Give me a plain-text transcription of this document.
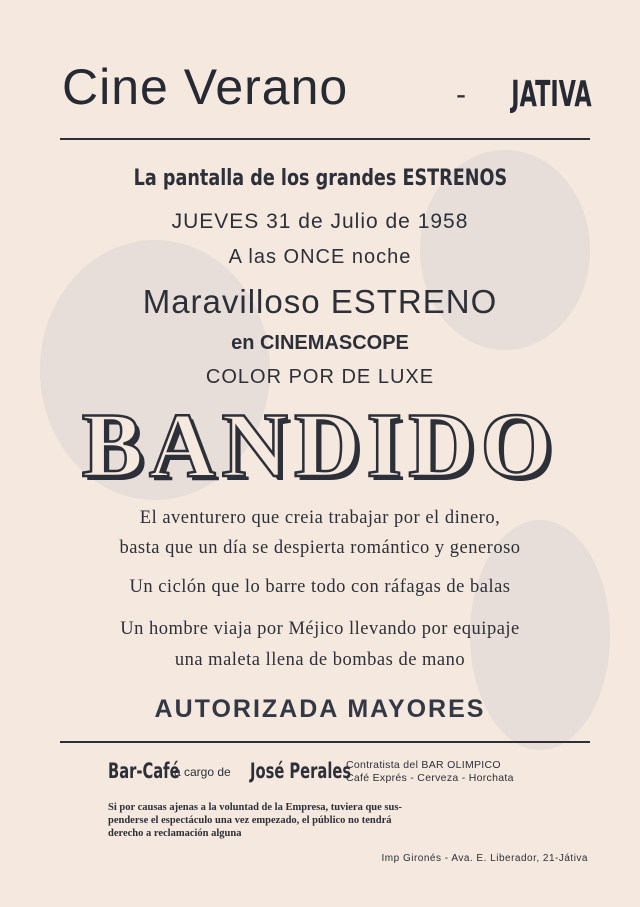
Cine Verano	- JATIVA
La pantalla de los grandes ESTRENOS
JUEVES 31 de Julio de 1958
A las ONCE noche
Maravilloso ESTRENO
en CINEMASCOPE
COLOR POR DE LUXE
BANDIDO
El aventurero que creia trabajar por el dinero,
basta que un día se despierta romántico y generoso
Un ciclón que lo barre todo con ráfagas de balas
Un hombre viaja por Méjico llevando por equipaje
una maleta llena de bombas de mano
AUTORIZADA MAYORES
Bar-Café
a cargo de José Perales
Contratista del BAR OLIMPICO
Café Exprés - Cerveza - Horchata
Si por causas ajenas a la voluntad de la Empresa, tuviera que sus-
penderse el espectáculo una vez empezado, el público no tendrá
derecho a reclamación alguna
Imp Gironés - Ava. E. Liberador, 21-Játiva
